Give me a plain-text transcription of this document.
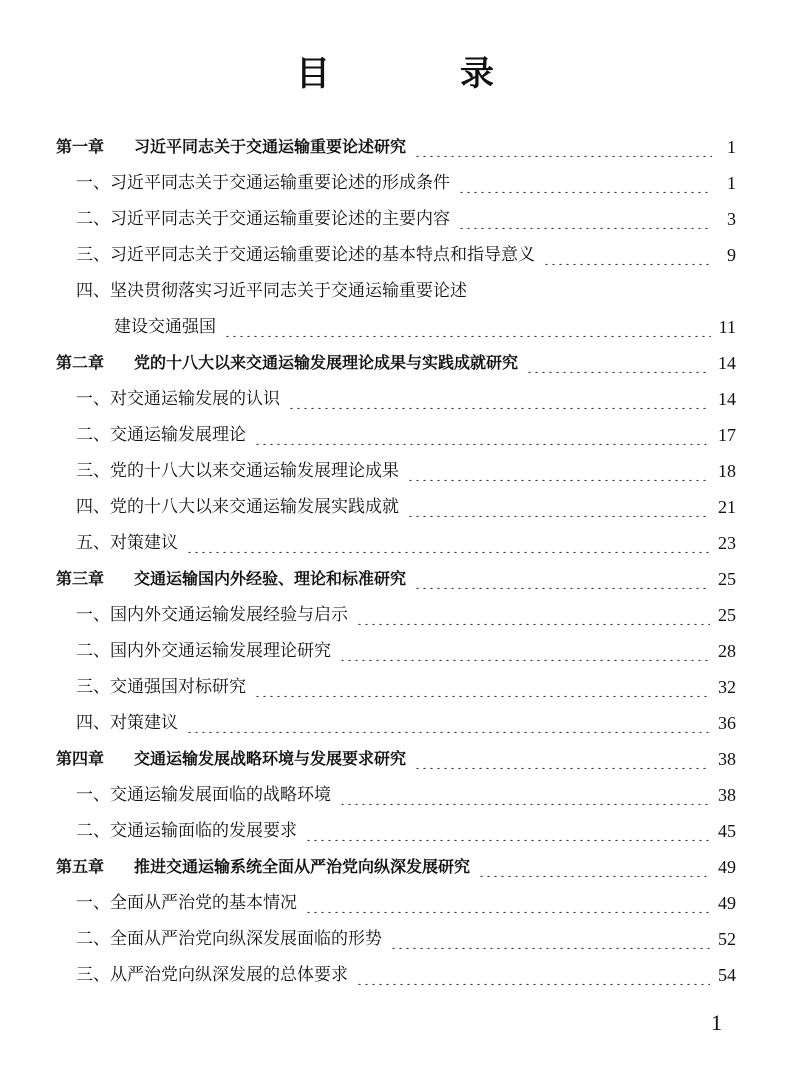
目　录
第一章	习近平同志关于交通运输重要论述研究	1
一、 习近平同志关于交通运输重要论述的形成条件	1
二、 习近平同志关于交通运输重要论述的主要内容	3
三、 习近平同志关于交通运输重要论述的基本特点和指导意义	9
四、 坚决贯彻落实习近平同志关于交通运输重要论述
建设交通强国	11
第二章	党的十八大以来交通运输发展理论成果与实践成就研究	14
一、 对交通运输发展的认识	14
二、 交通运输发展理论	17
三、 党的十八大以来交通运输发展理论成果	18
四、 党的十八大以来交通运输发展实践成就	21
五、 对策建议	23
第三章	交通运输国内外经验、理论和标准研究	25
一、 国内外交通运输发展经验与启示	25
二、 国内外交通运输发展理论研究	28
三、 交通强国对标研究	32
四、 对策建议	36
第四章	交通运输发展战略环境与发展要求研究	38
一、 交通运输发展面临的战略环境	38
二、 交通运输面临的发展要求	45
第五章	推进交通运输系统全面从严治党向纵深发展研究	49
一、 全面从严治党的基本情况	49
二、 全面从严治党向纵深发展面临的形势	52
三、 从严治党向纵深发展的总体要求	54
1
